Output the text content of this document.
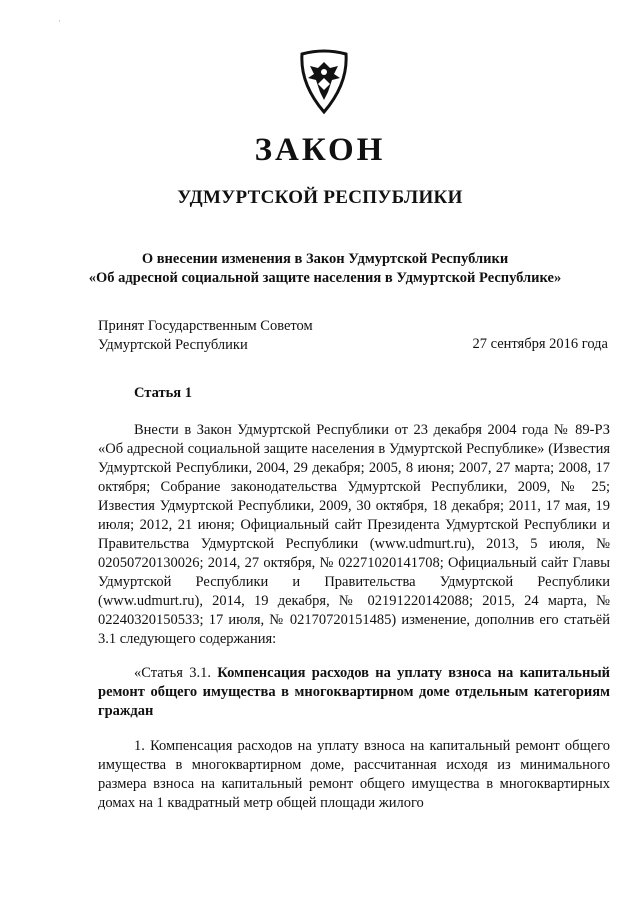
·
ЗАКОН
УДМУРТСКОЙ РЕСПУБЛИКИ
О внесении изменения в Закон Удмуртской Республики
«Об адресной социальной защите населения в Удмуртской Республике»
Принят Государственным Советом
Удмуртской Республики	27 сентября 2016 года
Статья 1
Внести в Закон Удмуртской Республики от 23 декабря 2004 года № 89-РЗ «Об адресной социальной защите населения в Удмуртской Республике» (Известия Удмуртской Республики, 2004, 29 декабря; 2005, 8 июня; 2007, 27 марта; 2008, 17 октября; Собрание законодательства Удмуртской Республики, 2009, № 25; Известия Удмуртской Республики, 2009, 30 октября, 18 декабря; 2011, 17 мая, 19 июля; 2012, 21 июня; Официальный сайт Президента Удмуртской Республики и Правительства Удмуртской Республики (www.udmurt.ru), 2013, 5 июля, № 02050720130026; 2014, 27 октября, № 02271020141708; Официальный сайт Главы Удмуртской Республики и Правительства Удмуртской Республики (www.udmurt.ru), 2014, 19 декабря, № 02191220142088; 2015, 24 марта, № 02240320150533; 17 июля, № 02170720151485) изменение, дополнив его статьёй 3.1 следующего содержания:
«Статья 3.1. Компенсация расходов на уплату взноса на капитальный ремонт общего имущества в многоквартирном доме отдельным категориям граждан
1. Компенсация расходов на уплату взноса на капитальный ремонт общего имущества в многоквартирном доме, рассчитанная исходя из минимального размера взноса на капитальный ремонт общего имущества в многоквартирных домах на 1 квадратный метр общей площади жилого
